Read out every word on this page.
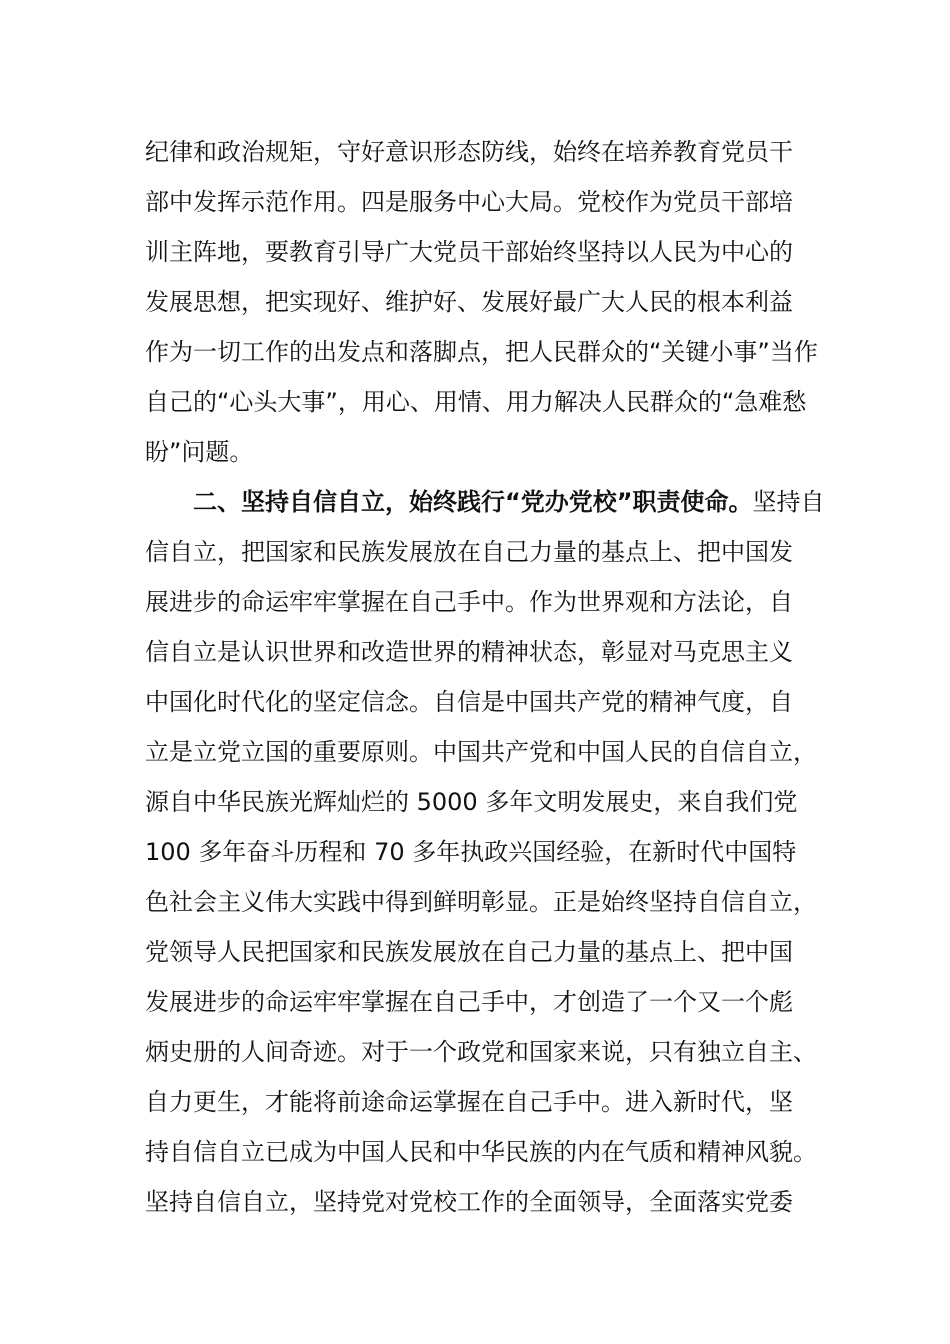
纪律和政治规矩，守好意识形态防线，始终在培养教育党员干
部中发挥示范作用。四是服务中心大局。党校作为党员干部培
训主阵地，要教育引导广大党员干部始终坚持以人民为中心的
发展思想，把实现好、维护好、发展好最广大人民的根本利益
作为一切工作的出发点和落脚点，把人民群众的“关键小事”当作
自己的“心头大事”，用心、用情、用力解决人民群众的“急难愁
盼”问题。
二、坚持自信自立，始终践行“党办党校”职责使命。坚持自
信自立，把国家和民族发展放在自己力量的基点上、把中国发
展进步的命运牢牢掌握在自己手中。作为世界观和方法论，自
信自立是认识世界和改造世界的精神状态，彰显对马克思主义
中国化时代化的坚定信念。自信是中国共产党的精神气度，自
立是立党立国的重要原则。中国共产党和中国人民的自信自立，
源自中华民族光辉灿烂的 5000 多年文明发展史，来自我们党
100 多年奋斗历程和 70 多年执政兴国经验，在新时代中国特
色社会主义伟大实践中得到鲜明彰显。正是始终坚持自信自立，
党领导人民把国家和民族发展放在自己力量的基点上、把中国
发展进步的命运牢牢掌握在自己手中，才创造了一个又一个彪
炳史册的人间奇迹。对于一个政党和国家来说，只有独立自主、
自力更生，才能将前途命运掌握在自己手中。进入新时代，坚
持自信自立已成为中国人民和中华民族的内在气质和精神风貌。
坚持自信自立，坚持党对党校工作的全面领导，全面落实党委
